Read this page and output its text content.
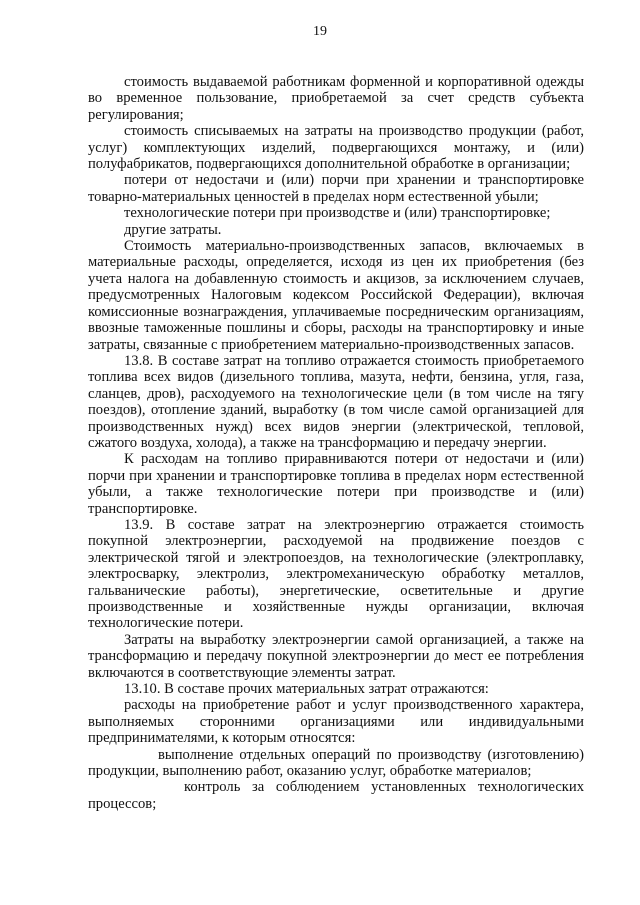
19

стоимость выдаваемой работникам форменной и корпоративной одежды во временное пользование, приобретаемой за счет средств субъекта регулирования;

стоимость списываемых на затраты на производство продукции (работ, услуг) комплектующих изделий, подвергающихся монтажу, и (или) полуфабрикатов, подвергающихся дополнительной обработке в организации;

потери от недостачи и (или) порчи при хранении и транспортировке товарно-материальных ценностей в пределах норм естественной убыли;

технологические потери при производстве и (или) транспортировке;

другие затраты.

Стоимость материально-производственных запасов, включаемых в материальные расходы, определяется, исходя из цен их приобретения (без учета налога на добавленную стоимость и акцизов, за исключением случаев, предусмотренных Налоговым кодексом Российской Федерации), включая комиссионные вознаграждения, уплачиваемые посредническим организациям, ввозные таможенные пошлины и сборы, расходы на транспортировку и иные затраты, связанные с приобретением материально-производственных запасов.

13.8. В составе затрат на топливо отражается стоимость приобретаемого топлива всех видов (дизельного топлива, мазута, нефти, бензина, угля, газа, сланцев, дров), расходуемого на технологические цели (в том числе на тягу поездов), отопление зданий, выработку (в том числе самой организацией для производственных нужд) всех видов энергии (электрической, тепловой, сжатого воздуха, холода), а также на трансформацию и передачу энергии.

К расходам на топливо приравниваются потери от недостачи и (или) порчи при хранении и транспортировке топлива в пределах норм естественной убыли, а также технологические потери при производстве и (или) транспортировке.

13.9. В составе затрат на электроэнергию отражается стоимость покупной электроэнергии, расходуемой на продвижение поездов с электрической тягой и электропоездов, на технологические (электроплавку, электросварку, электролиз, электромеханическую обработку металлов, гальванические работы), энергетические, осветительные и другие производственные и хозяйственные нужды организации, включая технологические потери.

Затраты на выработку электроэнергии самой организацией, а также на трансформацию и передачу покупной электроэнергии до мест ее потребления включаются в соответствующие элементы затрат.

13.10. В составе прочих материальных затрат отражаются:

расходы на приобретение работ и услуг производственного характера, выполняемых сторонними организациями или индивидуальными предпринимателями, к которым относятся:

выполнение отдельных операций по производству (изготовлению) продукции, выполнению работ, оказанию услуг, обработке материалов;

контроль за соблюдением установленных технологических процессов;
